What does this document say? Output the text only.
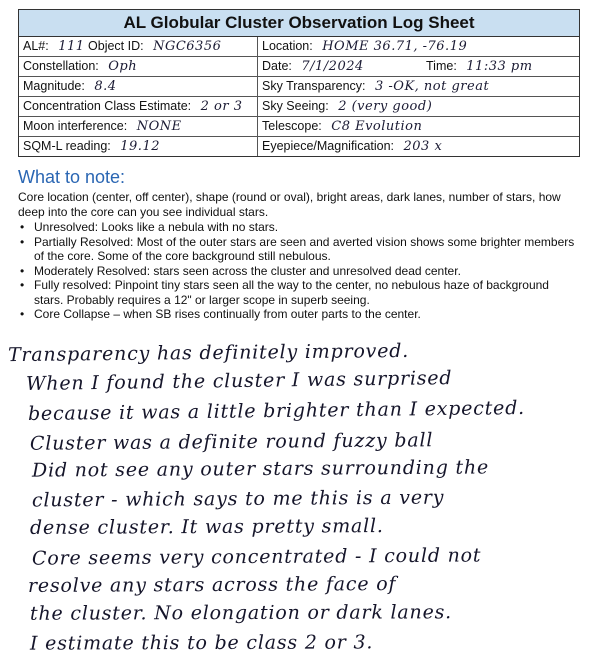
AL Globular Cluster Observation Log Sheet
AL#: 111 Object ID: NGC6356	Location: HOME 36.71, -76.19
Constellation: Oph	Date: 7/1/2024	Time: 11:33 pm
Magnitude: 8.4	Sky Transparency: 3 -OK, not great
Concentration Class Estimate: 2 or 3	Sky Seeing: 2 (very good)
Moon interference: NONE	Telescope: C8 Evolution
SQM-L reading: 19.12	Eyepiece/Magnification: 203 x
What to note:
Core location (center, off center), shape (round or oval), bright areas, dark lanes, number of stars, how deep into the core can you see individual stars.
• Unresolved: Looks like a nebula with no stars.
• Partially Resolved: Most of the outer stars are seen and averted vision shows some brighter members of the core. Some of the core background still nebulous.
• Moderately Resolved: stars seen across the cluster and unresolved dead center.
• Fully resolved: Pinpoint tiny stars seen all the way to the center, no nebulous haze of background stars. Probably requires a 12" or larger scope in superb seeing.
• Core Collapse – when SB rises continually from outer parts to the center.
Transparency has definitely improved.
When I found the cluster I was surprised
because it was a little brighter than I expected.
Cluster was a definite round fuzzy ball
Did not see any outer stars surrounding the
cluster - which says to me this is a very
dense cluster. It was pretty small.
Core seems very concentrated - I could not
resolve any stars across the face of
the cluster. No elongation or dark lanes.
I estimate this to be class 2 or 3.
